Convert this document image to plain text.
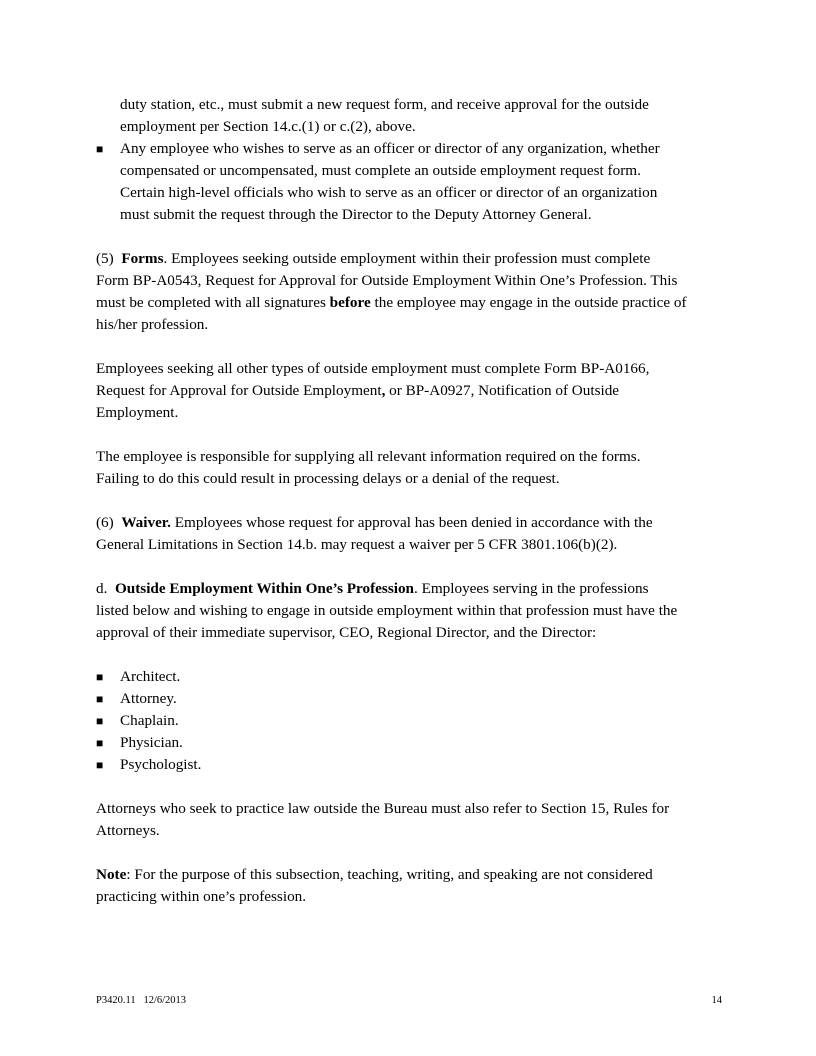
duty station, etc., must submit a new request form, and receive approval for the outside

employment per Section 14.c.(1) or c.(2), above.

■ Any employee who wishes to serve as an officer or director of any organization, whether

compensated or uncompensated, must complete an outside employment request form.

Certain high-level officials who wish to serve as an officer or director of an organization

must submit the request through the Director to the Deputy Attorney General.

(5) Forms. Employees seeking outside employment within their profession must complete

Form BP-A0543, Request for Approval for Outside Employment Within One’s Profession. This

must be completed with all signatures before the employee may engage in the outside practice of

his/her profession.

Employees seeking all other types of outside employment must complete Form BP-A0166,

Request for Approval for Outside Employment, or BP-A0927, Notification of Outside

Employment.

The employee is responsible for supplying all relevant information required on the forms.

Failing to do this could result in processing delays or a denial of the request.

(6) Waiver. Employees whose request for approval has been denied in accordance with the

General Limitations in Section 14.b. may request a waiver per 5 CFR 3801.106(b)(2).

d. Outside Employment Within One’s Profession. Employees serving in the professions

listed below and wishing to engage in outside employment within that profession must have the

approval of their immediate supervisor, CEO, Regional Director, and the Director:

■ Architect.

■ Attorney.

■ Chaplain.

■ Physician.

■ Psychologist.

Attorneys who seek to practice law outside the Bureau must also refer to Section 15, Rules for

Attorneys.

Note: For the purpose of this subsection, teaching, writing, and speaking are not considered

practicing within one’s profession.

P3420.11   12/6/2013	14
